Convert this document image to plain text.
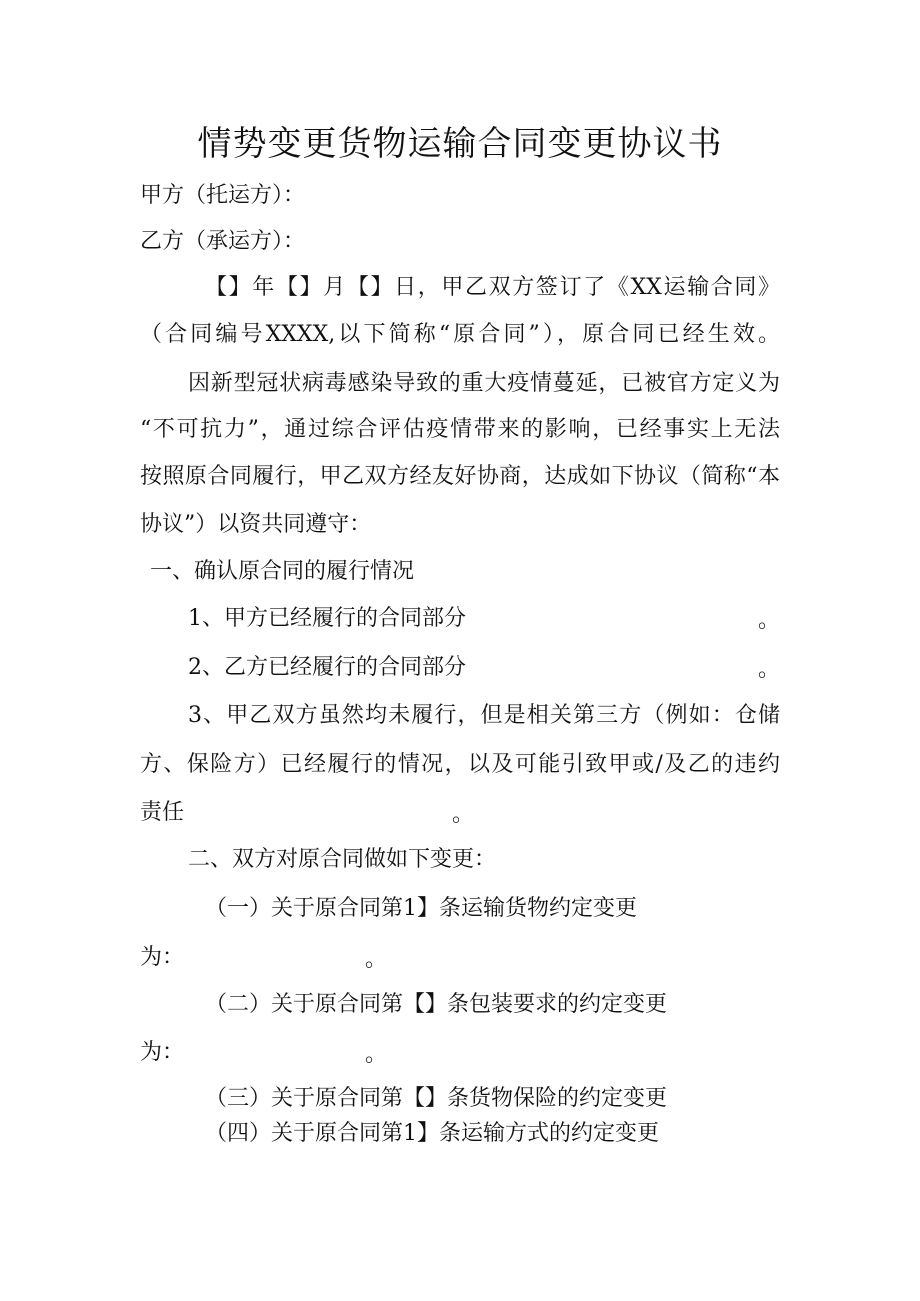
情势变更货物运输合同变更协议书
甲方（托运方）：
乙方（承运方）：
【】年【】月【】日，甲乙双方签订了《XX运输合同》
（合同编号XXXX,以下简称“原合同”），原合同已经生效。
因新型冠状病毒感染导致的重大疫情蔓延，已被官方定义为
“不可抗力”，通过综合评估疫情带来的影响，已经事实上无法
按照原合同履行，甲乙双方经友好协商，达成如下协议（简称“本
协议”）以资共同遵守：
一、确认原合同的履行情况
1、甲方已经履行的合同部分	。
2、乙方已经履行的合同部分	。
3、甲乙双方虽然均未履行，但是相关第三方（例如：仓储
方、保险方）已经履行的情况，以及可能引致甲或/及乙的违约
责任	。
二、双方对原合同做如下变更：
（一）关于原合同第1】条运输货物约定变更
为：	。
（二）关于原合同第【】条包装要求的约定变更
为：	。
（三）关于原合同第【】条货物保险的约定变更
（四）关于原合同第1】条运输方式的约定变更
